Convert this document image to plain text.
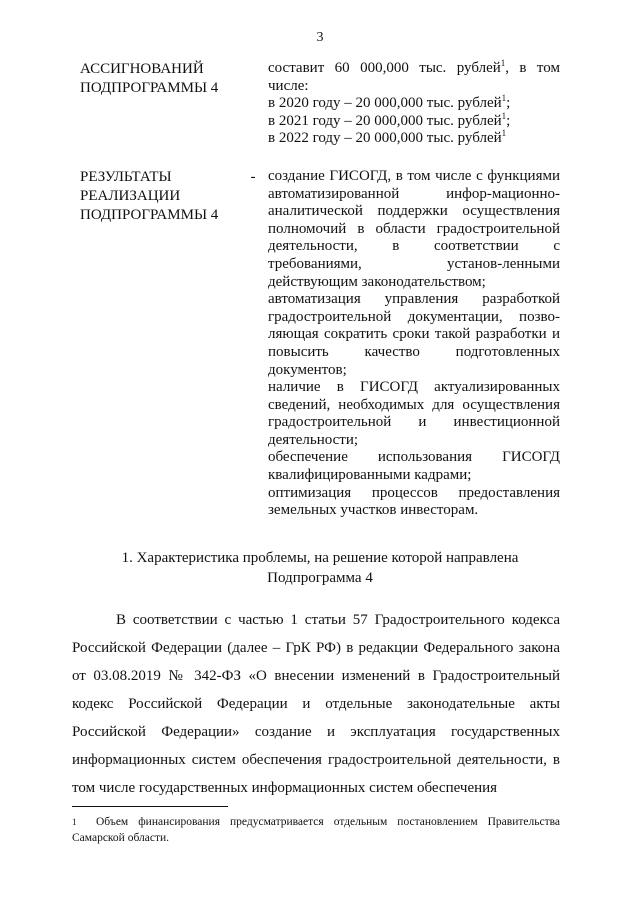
3
АССИГНОВАНИЙ
ПОДПРОГРАММЫ 4
составит 60 000,000 тыс. рублей$^1$, в том
числе:
в 2020 году – 20 000,000 тыс. рублей$^1$;
в 2021 году – 20 000,000 тыс. рублей$^1$;
в 2022 году – 20 000,000 тыс. рублей$^1$
РЕЗУЛЬТАТЫ
РЕАЛИЗАЦИИ
ПОДПРОГРАММЫ 4
- создание ГИСОГД, в том числе с функциями автоматизированной инфор-мационно-аналитической поддержки осуществления полномочий в области градостроительной деятельности, в соответствии с требованиями, установ-ленными действующим законодательством;
автоматизация управления разработкой градостроительной документации, позво-ляющая сократить сроки такой разработки и повысить качество подготовленных документов;
наличие в ГИСОГД актуализированных сведений, необходимых для осуществления градостроительной и инвестиционной деятельности;
обеспечение использования ГИСОГД квалифицированными кадрами;
оптимизация процессов предоставления земельных участков инвесторам.
1. Характеристика проблемы, на решение которой направлена
Подпрограмма 4

В соответствии с частью 1 статьи 57 Градостроительного кодекса Российской Федерации (далее – ГрК РФ) в редакции Федерального закона от 03.08.2019 № 342-ФЗ «О внесении изменений в Градостроительный кодекс Российской Федерации и отдельные законодательные акты Российской Федерации» создание и эксплуатация государственных информационных систем обеспечения градостроительной деятельности, в том числе государственных информационных систем обеспечения

1 Объем финансирования предусматривается отдельным постановлением Правительства Самарской области.
